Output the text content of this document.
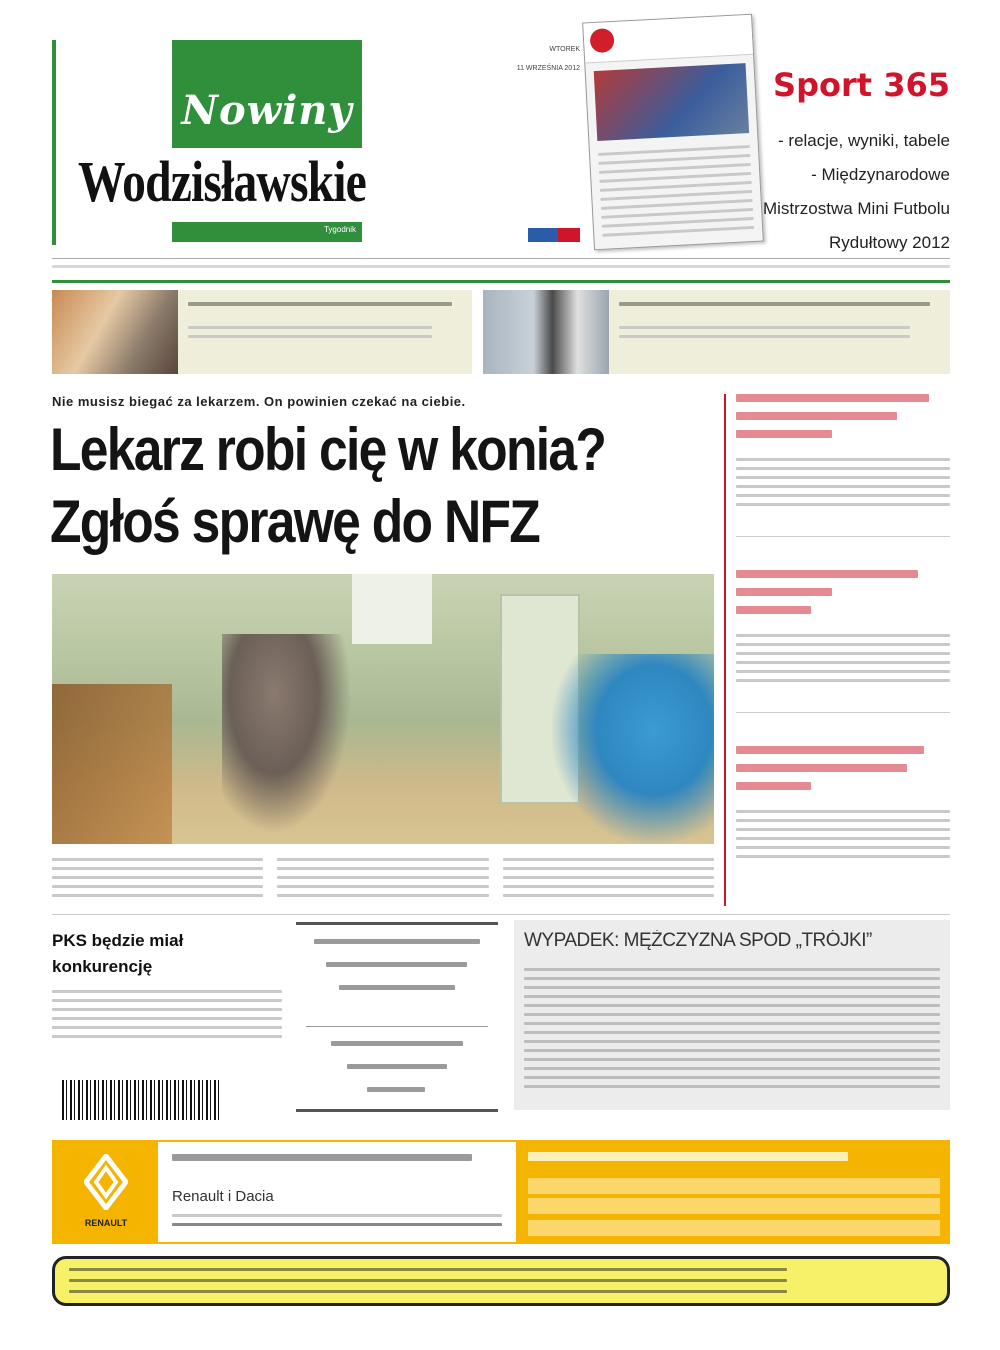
Nowiny
Wodzisławskie
Tygodnik
WTOREK
11 WRZEŚNIA 2012	Sport 365
- relacje, wyniki, tabele
- Międzynarodowe
Mistrzostwa Mini Futbolu
Rydułtowy 2012
Nie musisz biegać za lekarzem. On powinien czekać na ciebie.
Lekarz robi cię w konia?
Zgłoś sprawę do NFZ
PKS będzie miał konkurencję
WYPADEK: MĘŻCZYZNA SPOD „TRÓJKI”
RENAULT
Renault i Dacia
